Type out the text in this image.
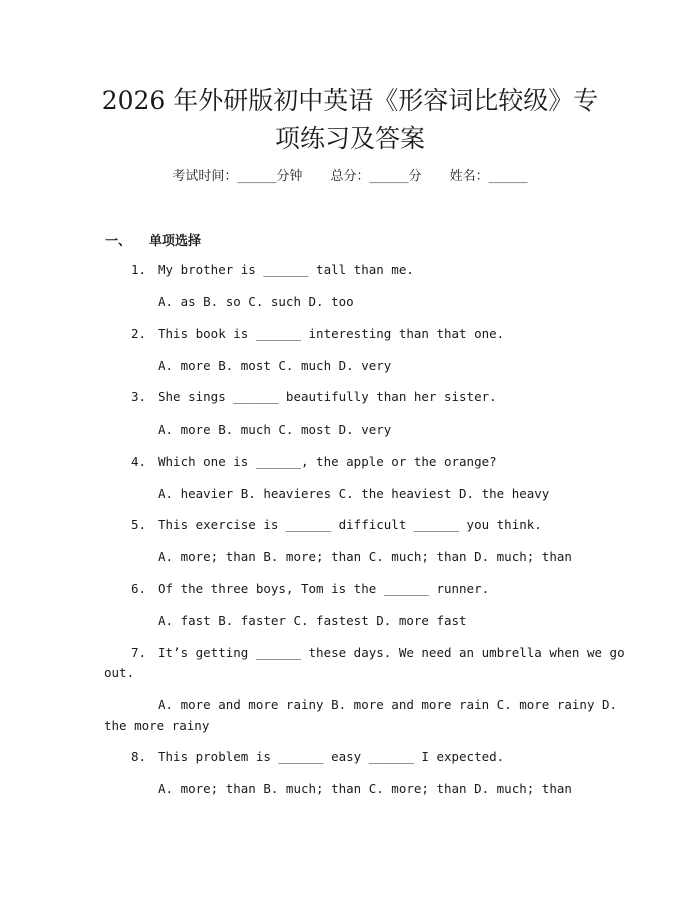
2026 年外研版初中英语《形容词比较级》专
项练习及答案
考试时间：______分钟 总分：______分 姓名：______
一、 单项选择
1. My brother is ______ tall than me.
A. as B. so C. such D. too
2. This book is ______ interesting than that one.
A. more B. most C. much D. very
3. She sings ______ beautifully than her sister.
A. more B. much C. most D. very
4. Which one is ______, the apple or the orange?
A. heavier B. heavieres C. the heaviest D. the heavy
5. This exercise is ______ difficult ______ you think.
A. more; than B. more; than C. much; than D. much; than
6. Of the three boys, Tom is the ______ runner.
A. fast B. faster C. fastest D. more fast
7. It’s getting ______ these days. We need an umbrella when we go
out.
A. more and more rainy B. more and more rain C. more rainy D.
the more rainy
8. This problem is ______ easy ______ I expected.
A. more; than B. much; than C. more; than D. much; than
